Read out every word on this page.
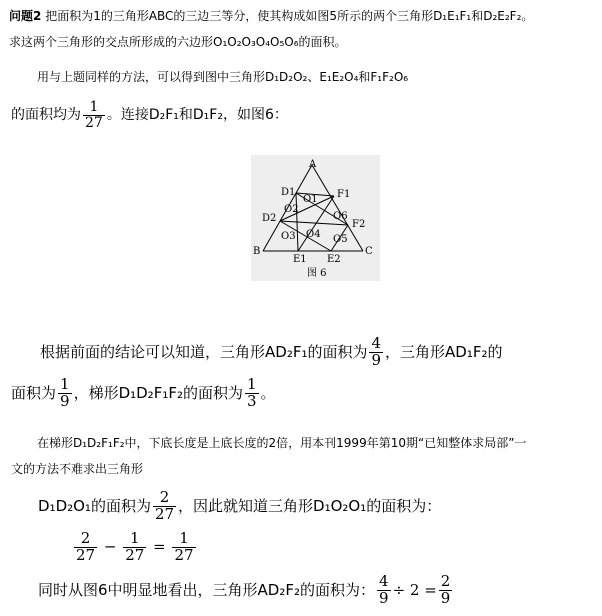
问题2 把面积为1的三角形ABC的三边三等分，使其构成如图5所示的两个三角形D₁E₁F₁和D₂E₂F₂。
求这两个三角形的交点所形成的六边形O₁O₂O₃O₄O₅O₆的面积。
用与上题同样的方法，可以得到图中三角形D₁D₂O₂、E₁E₂O₄和F₁F₂O₆
的面积均为 $\frac{1}{27}$ 。连接D₂F₁和D₁F₂，如图6：
A
B	C
D1
D2
F1
F2
E1 E2
O1
O2
O3 O4 O5
O6
图 6
根据前面的结论可以知道，三角形AD₂F₁的面积为 $\frac{4}{9}$ ，三角形AD₁F₂的
面积为 $\frac{1}{9}$ ，梯形D₁D₂F₁F₂的面积为 $\frac{1}{3}$ 。
在梯形D₁D₂F₁F₂中，下底长度是上底长度的2倍，用本刊1999年第10期“已知整体求局部”一
文的方法不难求出三角形
D₁D₂O₁的面积为 $\frac{2}{27}$ ，因此就知道三角形D₁O₂O₁的面积为：
$\frac{2}{27} - \frac{1}{27} = \frac{1}{27}$
同时从图6中明显地看出，三角形AD₂F₂的面积为： $\frac{4}{9} \div 2 = \frac{2}{9}$
